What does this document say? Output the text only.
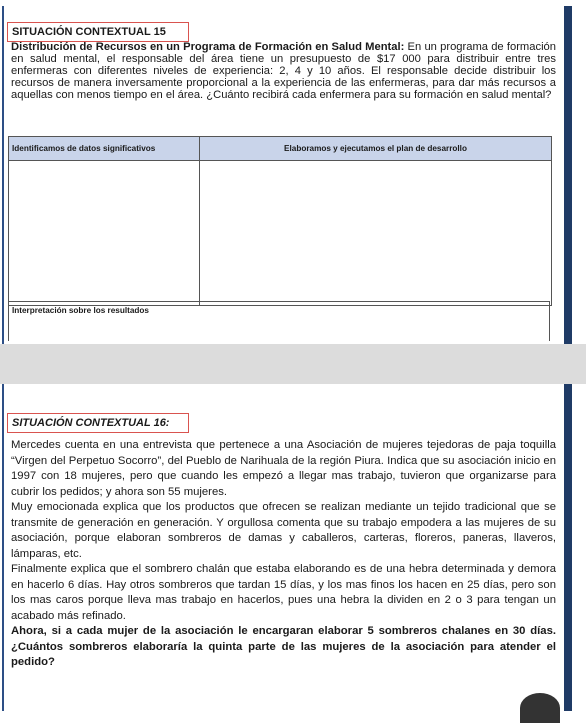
SITUACIÓN CONTEXTUAL 15
Distribución de Recursos en un Programa de Formación en Salud Mental: En un programa de formación en salud mental, el responsable del área tiene un presupuesto de $17 000 para distribuir entre tres enfermeras con diferentes niveles de experiencia: 2, 4 y 10 años. El responsable decide distribuir los recursos de manera inversamente proporcional a la experiencia de las enfermeras, para dar más recursos a aquellas con menos tiempo en el área. ¿Cuánto recibirá cada enfermera para su formación en salud mental?
Identificamos de datos significativos	Elaboramos y ejecutamos el plan de desarrollo

Interpretación sobre los resultados
SITUACIÓN CONTEXTUAL 16:

Mercedes cuenta en una entrevista que pertenece a una Asociación de mujeres tejedoras de paja toquilla “Virgen del Perpetuo Socorro”, del Pueblo de Narihuala de la región Piura. Indica que su asociación inicio en 1997 con 18 mujeres, pero que cuando les empezó a llegar mas trabajo, tuvieron que organizarse para cubrir los pedidos; y ahora son 55 mujeres.

Muy emocionada explica que los productos que ofrecen se realizan mediante un tejido tradicional que se transmite de generación en generación. Y orgullosa comenta que su trabajo empodera a las mujeres de su asociación, porque elaboran sombreros de damas y caballeros, carteras, floreros, paneras, llaveros, lámparas, etc.

Finalmente explica que el sombrero chalán que estaba elaborando es de una hebra determinada y demora en hacerlo 6 días. Hay otros sombreros que tardan 15 días, y los mas finos los hacen en 25 días, pero son los mas caros porque lleva mas trabajo en hacerlos, pues una hebra la dividen en 2 o 3 para tengan un acabado más refinado.

Ahora, si a cada mujer de la asociación le encargaran elaborar 5 sombreros chalanes en 30 días. ¿Cuántos sombreros elaboraría la quinta parte de las mujeres de la asociación para atender el pedido?
